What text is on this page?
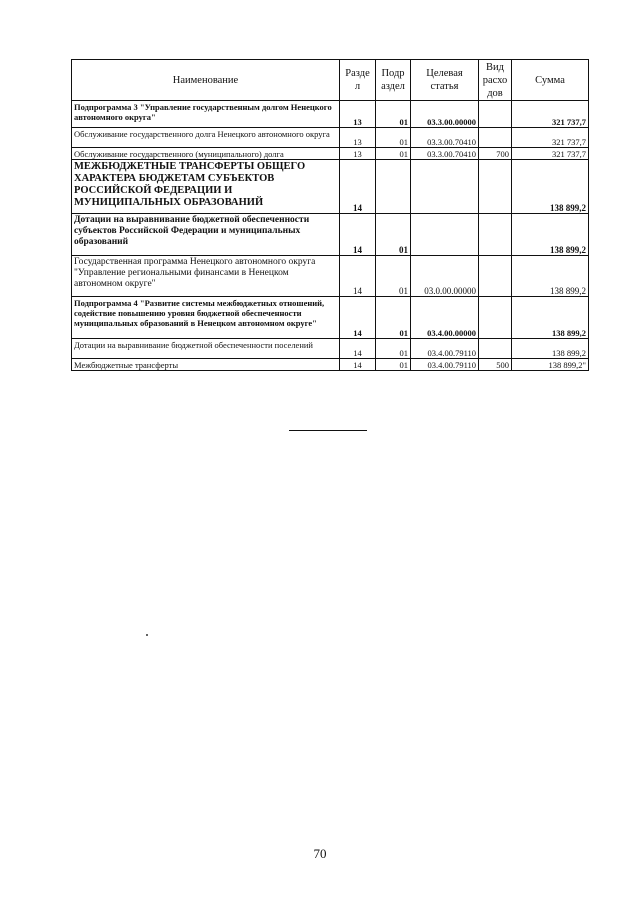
Наименование	Разде л	Подр аздел	Целевая статья	Вид расхо дов	Сумма
Подпрограмма 3 "Управление государственным долгом Ненецкого автономного округа"	13	01	03.3.00.00000		321 737,7
Обслуживание государственного долга Ненецкого автономного округа	13	01	03.3.00.70410		321 737,7
Обслуживание государственного (муниципального) долга	13	01	03.3.00.70410	700	321 737,7
МЕЖБЮДЖЕТНЫЕ ТРАНСФЕРТЫ ОБЩЕГО ХАРАКТЕРА БЮДЖЕТАМ СУБЪЕКТОВ РОССИЙСКОЙ ФЕДЕРАЦИИ И МУНИЦИПАЛЬНЫХ ОБРАЗОВАНИЙ	14				138 899,2
Дотации на выравнивание бюджетной обеспеченности субъектов Российской Федерации и муниципальных образований	14	01			138 899,2
Государственная программа Ненецкого автономного округа "Управление региональными финансами в Ненецком автономном округе"	14	01	03.0.00.00000		138 899,2
Подпрограмма 4 "Развитие системы межбюджетных отношений, содействие повышению уровня бюджетной обеспеченности муниципальных образований в Ненецком автономном округе"	14	01	03.4.00.00000		138 899,2
Дотации на выравнивание бюджетной обеспеченности поселений	14	01	03.4.00.79110		138 899,2
Межбюджетные трансферты	14	01	03.4.00.79110	500	138 899,2"
70
